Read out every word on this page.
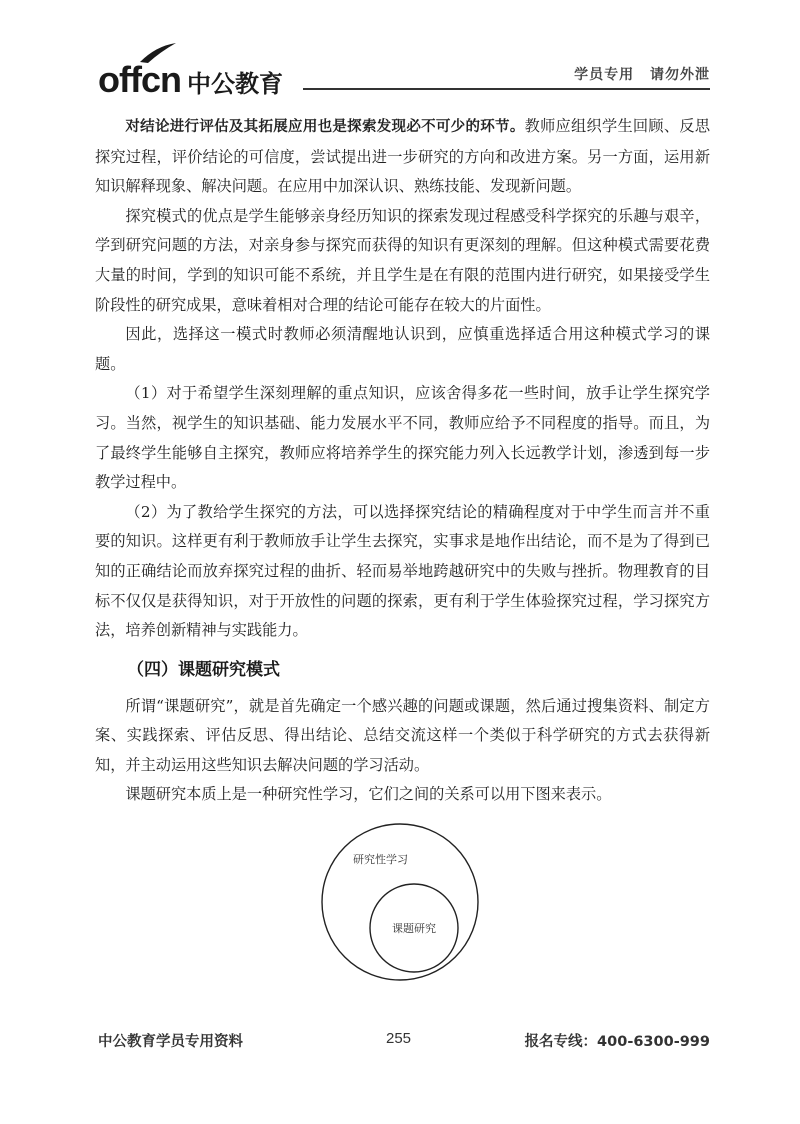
offcn 中公教育	学员专用 请勿外泄

对结论进行评估及其拓展应用也是探索发现必不可少的环节。教师应组织学生回顾、反思探究过程，评价结论的可信度，尝试提出进一步研究的方向和改进方案。另一方面，运用新知识解释现象、解决问题。在应用中加深认识、熟练技能、发现新问题。

探究模式的优点是学生能够亲身经历知识的探索发现过程感受科学探究的乐趣与艰辛，学到研究问题的方法，对亲身参与探究而获得的知识有更深刻的理解。但这种模式需要花费大量的时间，学到的知识可能不系统，并且学生是在有限的范围内进行研究，如果接受学生阶段性的研究成果，意味着相对合理的结论可能存在较大的片面性。

因此，选择这一模式时教师必须清醒地认识到，应慎重选择适合用这种模式学习的课题。

（1）对于希望学生深刻理解的重点知识，应该舍得多花一些时间，放手让学生探究学习。当然，视学生的知识基础、能力发展水平不同，教师应给予不同程度的指导。而且，为了最终学生能够自主探究，教师应将培养学生的探究能力列入长远教学计划，渗透到每一步教学过程中。

（2）为了教给学生探究的方法，可以选择探究结论的精确程度对于中学生而言并不重要的知识。这样更有利于教师放手让学生去探究，实事求是地作出结论，而不是为了得到已知的正确结论而放弃探究过程的曲折、轻而易举地跨越研究中的失败与挫折。物理教育的目标不仅仅是获得知识，对于开放性的问题的探索，更有利于学生体验探究过程，学习探究方法，培养创新精神与实践能力。

（四）课题研究模式

所谓“课题研究”，就是首先确定一个感兴趣的问题或课题，然后通过搜集资料、制定方案、实践探索、评估反思、得出结论、总结交流这样一个类似于科学研究的方式去获得新知，并主动运用这些知识去解决问题的学习活动。

课题研究本质上是一种研究性学习，它们之间的关系可以用下图来表示。

研究性学习
课题研究
中公教育学员专用资料	255	报名专线：400-6300-999
